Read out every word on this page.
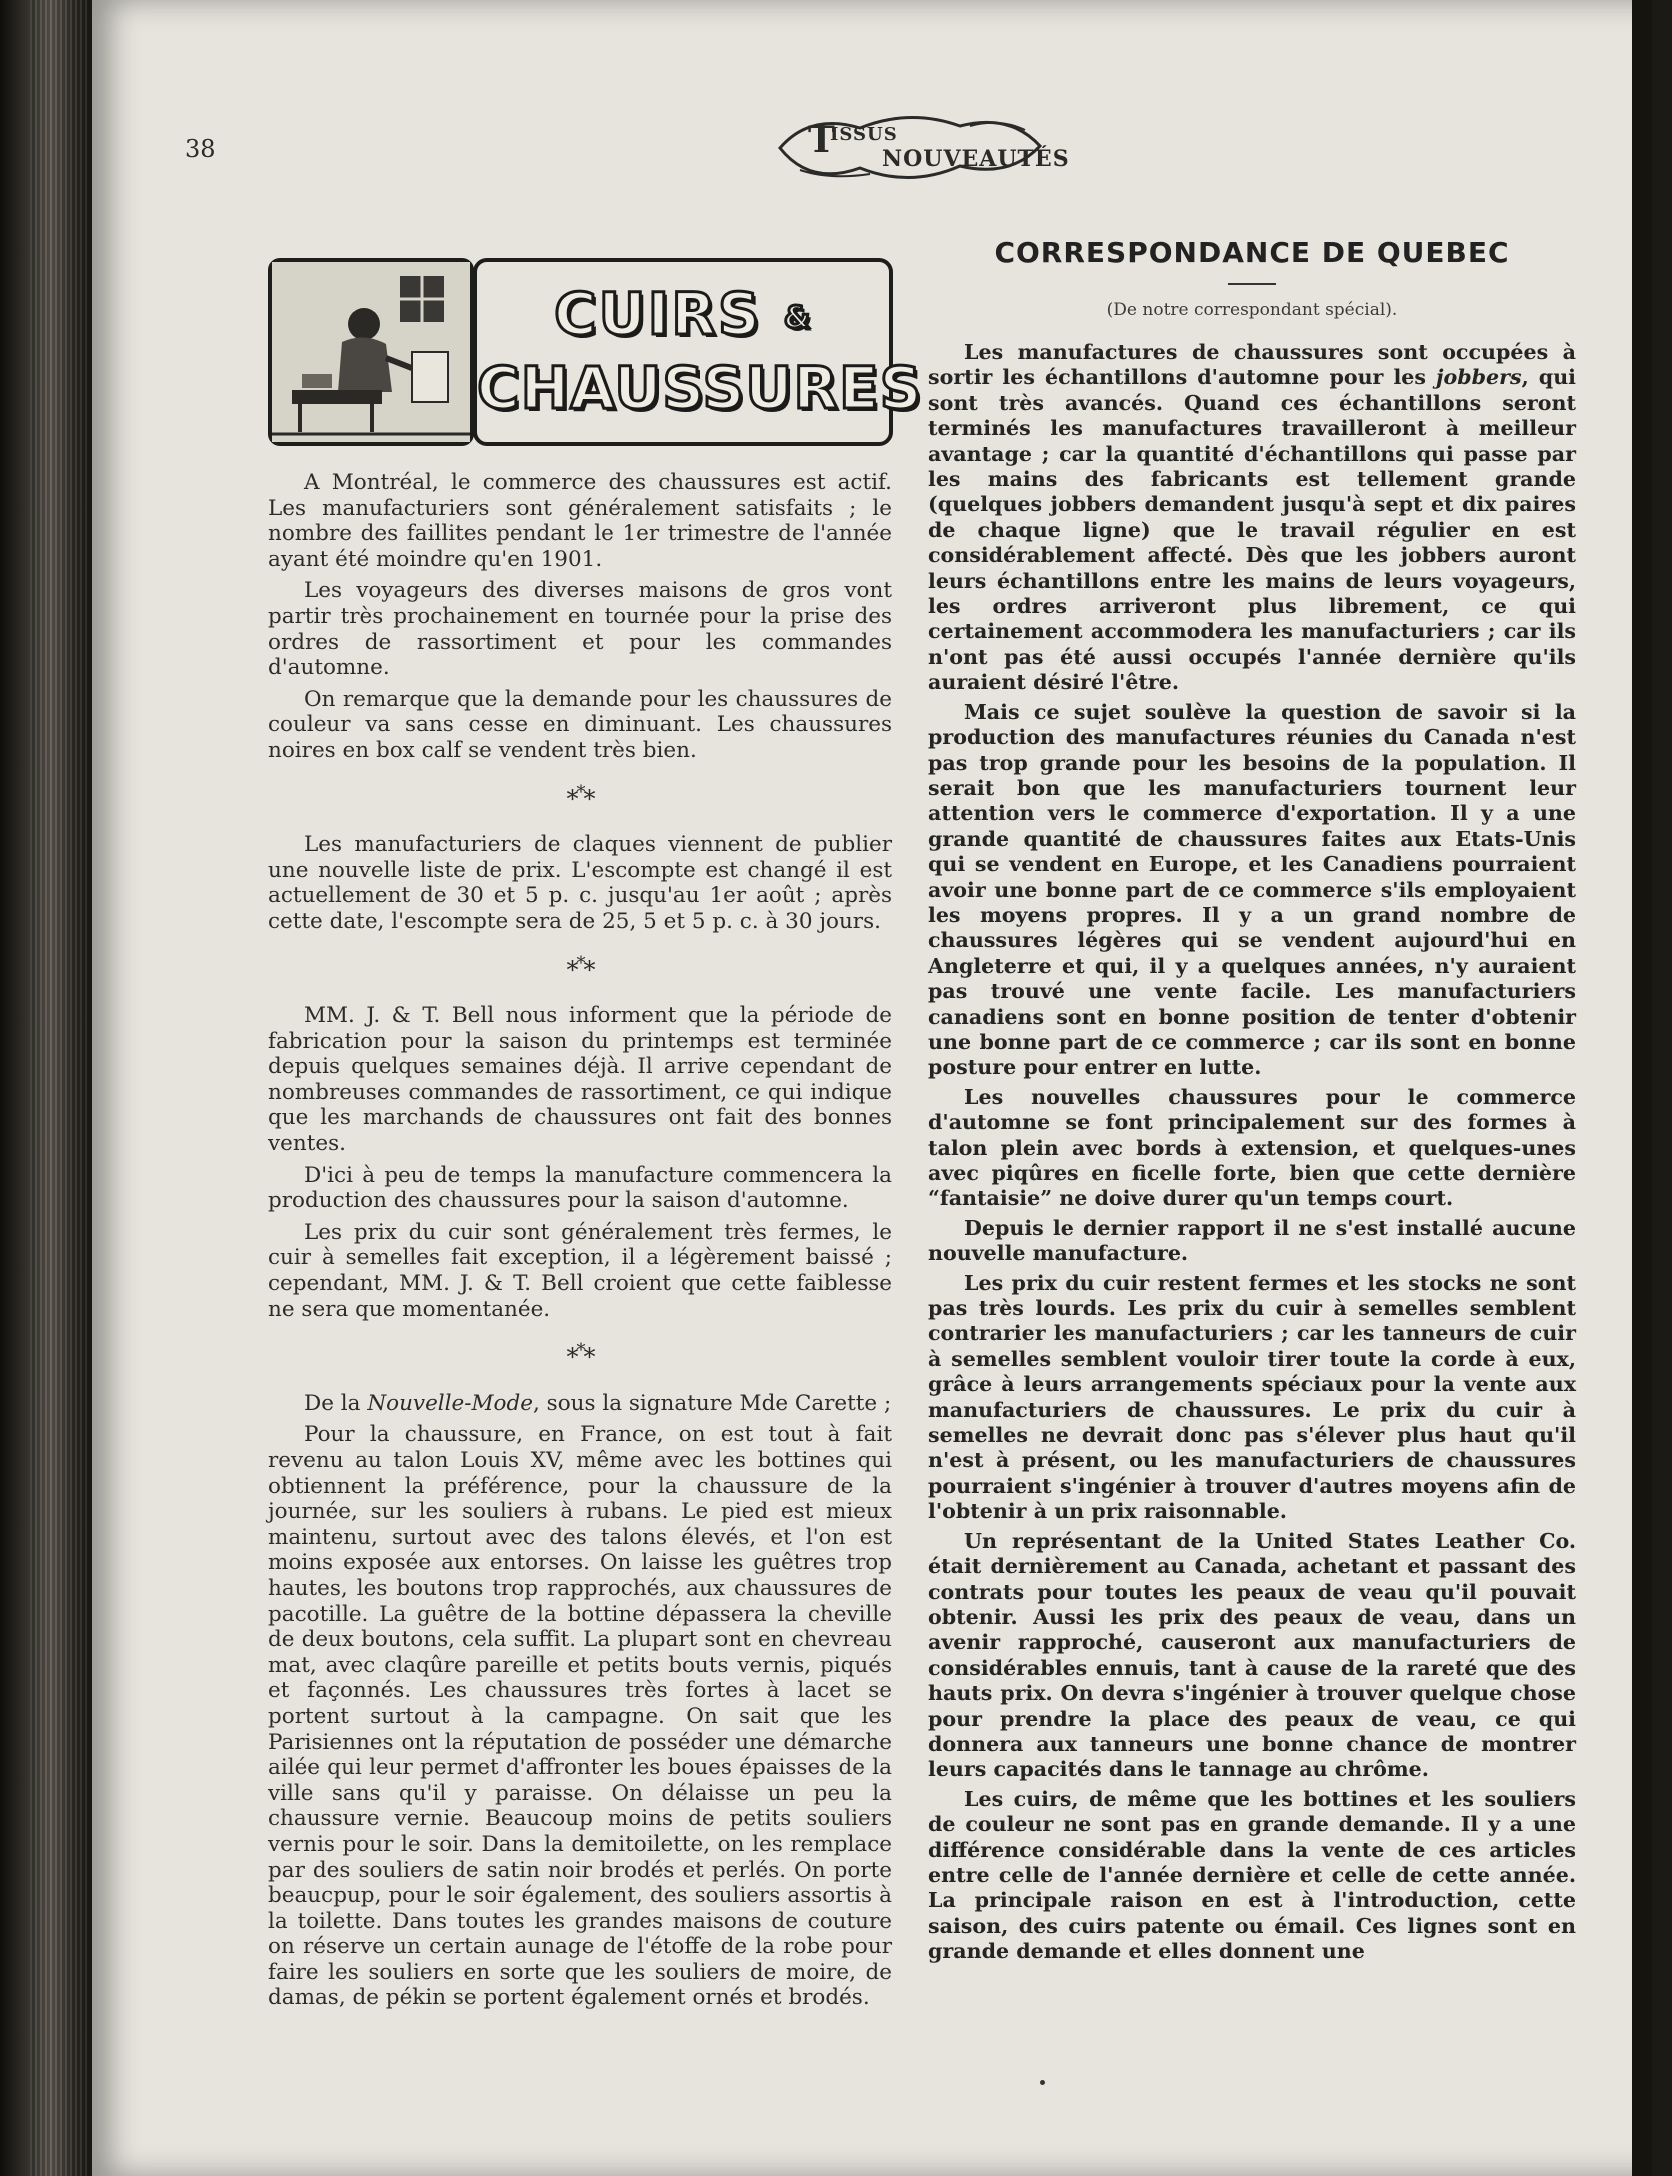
38	T
ISSUS
NOUVEAUTÉS
CUIRS &
CHAUSSURES

A Montréal, le commerce des chaussures est actif. Les manufacturiers sont généralement satisfaits ; le nombre des faillites pendant le 1er trimestre de l'année ayant été moindre qu'en 1901.

Les voyageurs des diverses maisons de gros vont partir très prochainement en tournée pour la prise des ordres de rassortiment et pour les commandes d'automne.

On remarque que la demande pour les chaussures de couleur va sans cesse en diminuant. Les chaussures noires en box calf se vendent très bien.

***

Les manufacturiers de claques viennent de publier une nouvelle liste de prix. L'escompte est changé il est actuellement de 30 et 5 p. c. jusqu'au 1er août ; après cette date, l'escompte sera de 25, 5 et 5 p. c. à 30 jours.

***

MM. J. & T. Bell nous informent que la période de fabrication pour la saison du printemps est terminée depuis quelques semaines déjà. Il arrive cependant de nombreuses commandes de rassortiment, ce qui indique que les marchands de chaussures ont fait des bonnes ventes.

D'ici à peu de temps la manufacture commencera la production des chaussures pour la saison d'automne.

Les prix du cuir sont généralement très fermes, le cuir à semelles fait exception, il a légèrement baissé ; cependant, MM. J. & T. Bell croient que cette faiblesse ne sera que momentanée.

***

De la Nouvelle-Mode, sous la signature Mde Carette ;

Pour la chaussure, en France, on est tout à fait revenu au talon Louis XV, même avec les bottines qui obtiennent la préférence, pour la chaussure de la journée, sur les souliers à rubans. Le pied est mieux maintenu, surtout avec des talons élevés, et l'on est moins exposée aux entorses. On laisse les guêtres trop hautes, les boutons trop rapprochés, aux chaussures de pacotille. La guêtre de la bottine dépassera la cheville de deux boutons, cela suffit. La plupart sont en chevreau mat, avec claqûre pareille et petits bouts vernis, piqués et façonnés. Les chaussures très fortes à lacet se portent surtout à la campagne. On sait que les Parisiennes ont la réputation de posséder une démarche ailée qui leur permet d'affronter les boues épaisses de la ville sans qu'il y paraisse. On délaisse un peu la chaussure vernie. Beaucoup moins de petits souliers vernis pour le soir. Dans la demitoilette, on les remplace par des souliers de satin noir brodés et perlés. On porte beaucpup, pour le soir également, des souliers assortis à la toilette. Dans toutes les grandes maisons de couture on réserve un certain aunage de l'étoffe de la robe pour faire les souliers en sorte que les souliers de moire, de damas, de pékin se portent également ornés et brodés.

CORRESPONDANCE DE QUEBEC
(De notre correspondant spécial).

Les manufactures de chaussures sont occupées à sortir les échantillons d'automne pour les jobbers, qui sont très avancés. Quand ces échantillons seront terminés les manufactures travailleront à meilleur avantage ; car la quantité d'échantillons qui passe par les mains des fabricants est tellement grande (quelques jobbers demandent jusqu'à sept et dix paires de chaque ligne) que le travail régulier en est considérablement affecté. Dès que les jobbers auront leurs échantillons entre les mains de leurs voyageurs, les ordres arriveront plus librement, ce qui certainement accommodera les manufacturiers ; car ils n'ont pas été aussi occupés l'année dernière qu'ils auraient désiré l'être.

Mais ce sujet soulève la question de savoir si la production des manufactures réunies du Canada n'est pas trop grande pour les besoins de la population. Il serait bon que les manufacturiers tournent leur attention vers le commerce d'exportation. Il y a une grande quantité de chaussures faites aux Etats-Unis qui se vendent en Europe, et les Canadiens pourraient avoir une bonne part de ce commerce s'ils employaient les moyens propres. Il y a un grand nombre de chaussures légères qui se vendent aujourd'hui en Angleterre et qui, il y a quelques années, n'y auraient pas trouvé une vente facile. Les manufacturiers canadiens sont en bonne position de tenter d'obtenir une bonne part de ce commerce ; car ils sont en bonne posture pour entrer en lutte.

Les nouvelles chaussures pour le commerce d'automne se font principalement sur des formes à talon plein avec bords à extension, et quelques-unes avec piqûres en ficelle forte, bien que cette dernière “fantaisie” ne doive durer qu'un temps court.

Depuis le dernier rapport il ne s'est installé aucune nouvelle manufacture.

Les prix du cuir restent fermes et les stocks ne sont pas très lourds. Les prix du cuir à semelles semblent contrarier les manufacturiers ; car les tanneurs de cuir à semelles semblent vouloir tirer toute la corde à eux, grâce à leurs arrangements spéciaux pour la vente aux manufacturiers de chaussures. Le prix du cuir à semelles ne devrait donc pas s'élever plus haut qu'il n'est à présent, ou les manufacturiers de chaussures pourraient s'ingénier à trouver d'autres moyens afin de l'obtenir à un prix raisonnable.

Un représentant de la United States Leather Co. était dernièrement au Canada, achetant et passant des contrats pour toutes les peaux de veau qu'il pouvait obtenir. Aussi les prix des peaux de veau, dans un avenir rapproché, causeront aux manufacturiers de considérables ennuis, tant à cause de la rareté que des hauts prix. On devra s'ingénier à trouver quelque chose pour prendre la place des peaux de veau, ce qui donnera aux tanneurs une bonne chance de montrer leurs capacités dans le tannage au chrôme.

Les cuirs, de même que les bottines et les souliers de couleur ne sont pas en grande demande. Il y a une différence considérable dans la vente de ces articles entre celle de l'année dernière et celle de cette année. La principale raison en est à l'introduction, cette saison, des cuirs patente ou émail. Ces lignes sont en grande demande et elles donnent une
